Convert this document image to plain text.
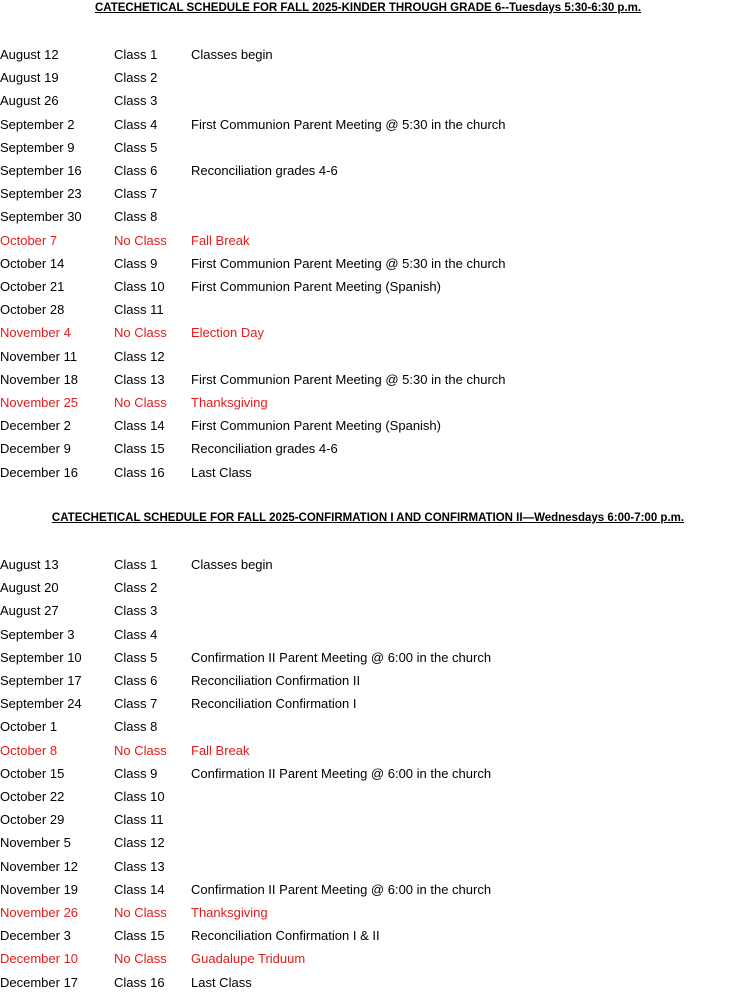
CATECHETICAL SCHEDULE FOR FALL 2025-KINDER THROUGH GRADE 6--Tuesdays 5:30-6:30 p.m.
August 12	Class 1	Classes begin
August 19	Class 2
August 26	Class 3
September 2	Class 4	First Communion Parent Meeting @ 5:30 in the church
September 9	Class 5
September 16 Class 6	Reconciliation grades 4-6
September 23 Class 7
September 30 Class 8
October 7	No Class Fall Break
October 14	Class 9	First Communion Parent Meeting @ 5:30 in the church
October 21	Class 10 First Communion Parent Meeting (Spanish)
October 28	Class 11
November 4	No Class Election Day
November 11	Class 12
November 18	Class 13 First Communion Parent Meeting @ 5:30 in the church
November 25	No Class Thanksgiving
December 2	Class 14 First Communion Parent Meeting (Spanish)
December 9	Class 15 Reconciliation grades 4-6
December 16	Class 16 Last Class
CATECHETICAL SCHEDULE FOR FALL 2025-CONFIRMATION I AND CONFIRMATION II—Wednesdays 6:00-7:00 p.m.
August 13	Class 1	Classes begin
August 20	Class 2
August 27	Class 3
September 3	Class 4
September 10 Class 5	Confirmation II Parent Meeting @ 6:00 in the church
September 17 Class 6	Reconciliation Confirmation II
September 24 Class 7	Reconciliation Confirmation I
October 1	Class 8
October 8	No Class Fall Break
October 15	Class 9	Confirmation II Parent Meeting @ 6:00 in the church
October 22	Class 10
October 29	Class 11
November 5	Class 12
November 12	Class 13
November 19	Class 14 Confirmation II Parent Meeting @ 6:00 in the church
November 26	No Class Thanksgiving
December 3	Class 15 Reconciliation Confirmation I & II
December 10	No Class Guadalupe Triduum
December 17	Class 16 Last Class
